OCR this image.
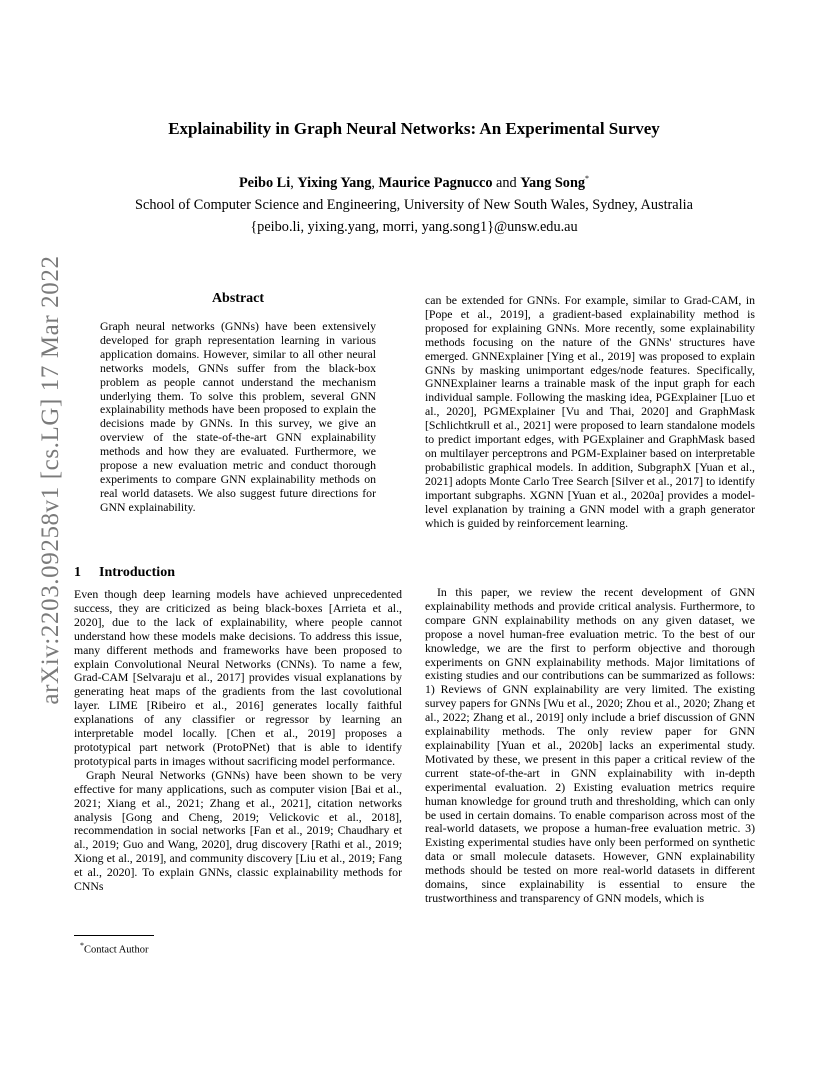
Explainability in Graph Neural Networks: An Experimental Survey
Peibo Li, Yixing Yang, Maurice Pagnucco and Yang Song*
School of Computer Science and Engineering, University of New South Wales, Sydney, Australia
{peibo.li, yixing.yang, morri, yang.song1}@unsw.edu.au
arXiv:2203.09258v1 [cs.LG] 17 Mar 2022	Abstract

Graph neural networks (GNNs) have been extensively developed for graph representation learning in various application domains. However, similar to all other neural networks models, GNNs suffer from the black-box problem as people cannot understand the mechanism underlying them. To solve this problem, several GNN explainability methods have been proposed to explain the decisions made by GNNs. In this survey, we give an overview of the state-of-the-art GNN explainability methods and how they are evaluated. Furthermore, we propose a new evaluation metric and conduct thorough experiments to compare GNN explainability methods on real world datasets. We also suggest future directions for GNN explainability.

1 Introduction

Even though deep learning models have achieved unprecedented success, they are criticized as being black-boxes [Arrieta et al., 2020], due to the lack of explainability, where people cannot understand how these models make decisions. To address this issue, many different methods and frameworks have been proposed to explain Convolutional Neural Networks (CNNs). To name a few, Grad-CAM [Selvaraju et al., 2017] provides visual explanations by generating heat maps of the gradients from the last covolutional layer. LIME [Ribeiro et al., 2016] generates locally faithful explanations of any classifier or regressor by learning an interpretable model locally. [Chen et al., 2019] proposes a prototypical part network (ProtoPNet) that is able to identify prototypical parts in images without sacrificing model performance.

Graph Neural Networks (GNNs) have been shown to be very effective for many applications, such as computer vision [Bai et al., 2021; Xiang et al., 2021; Zhang et al., 2021], citation networks analysis [Gong and Cheng, 2019; Velickovic et al., 2018], recommendation in social networks [Fan et al., 2019; Chaudhary et al., 2019; Guo and Wang, 2020], drug discovery [Rathi et al., 2019; Xiong et al., 2019], and community discovery [Liu et al., 2019; Fang et al., 2020]. To explain GNNs, classic explainability methods for CNNs

*Contact Author

can be extended for GNNs. For example, similar to Grad-CAM, in [Pope et al., 2019], a gradient-based explainability method is proposed for explaining GNNs. More recently, some explainability methods focusing on the nature of the GNNs' structures have emerged. GNNExplainer [Ying et al., 2019] was proposed to explain GNNs by masking unimportant edges/node features. Specifically, GNNExplainer learns a trainable mask of the input graph for each individual sample. Following the masking idea, PGExplainer [Luo et al., 2020], PGMExplainer [Vu and Thai, 2020] and GraphMask [Schlichtkrull et al., 2021] were proposed to learn standalone models to predict important edges, with PGExplainer and GraphMask based on multilayer perceptrons and PGM-Explainer based on interpretable probabilistic graphical models. In addition, SubgraphX [Yuan et al., 2021] adopts Monte Carlo Tree Search [Silver et al., 2017] to identify important subgraphs. XGNN [Yuan et al., 2020a] provides a model-level explanation by training a GNN model with a graph generator which is guided by reinforcement learning.

In this paper, we review the recent development of GNN explainability methods and provide critical analysis. Furthermore, to compare GNN explainability methods on any given dataset, we propose a novel human-free evaluation metric. To the best of our knowledge, we are the first to perform objective and thorough experiments on GNN explainability methods. Major limitations of existing studies and our contributions can be summarized as follows: 1) Reviews of GNN explainability are very limited. The existing survey papers for GNNs [Wu et al., 2020; Zhou et al., 2020; Zhang et al., 2022; Zhang et al., 2019] only include a brief discussion of GNN explainability methods. The only review paper for GNN explainability [Yuan et al., 2020b] lacks an experimental study. Motivated by these, we present in this paper a critical review of the current state-of-the-art in GNN explainability with in-depth experimental evaluation. 2) Existing evaluation metrics require human knowledge for ground truth and thresholding, which can only be used in certain domains. To enable comparison across most of the real-world datasets, we propose a human-free evaluation metric. 3) Existing experimental studies have only been performed on synthetic data or small molecule datasets. However, GNN explainability methods should be tested on more real-world datasets in different domains, since explainability is essential to ensure the trustworthiness and transparency of GNN models, which is
